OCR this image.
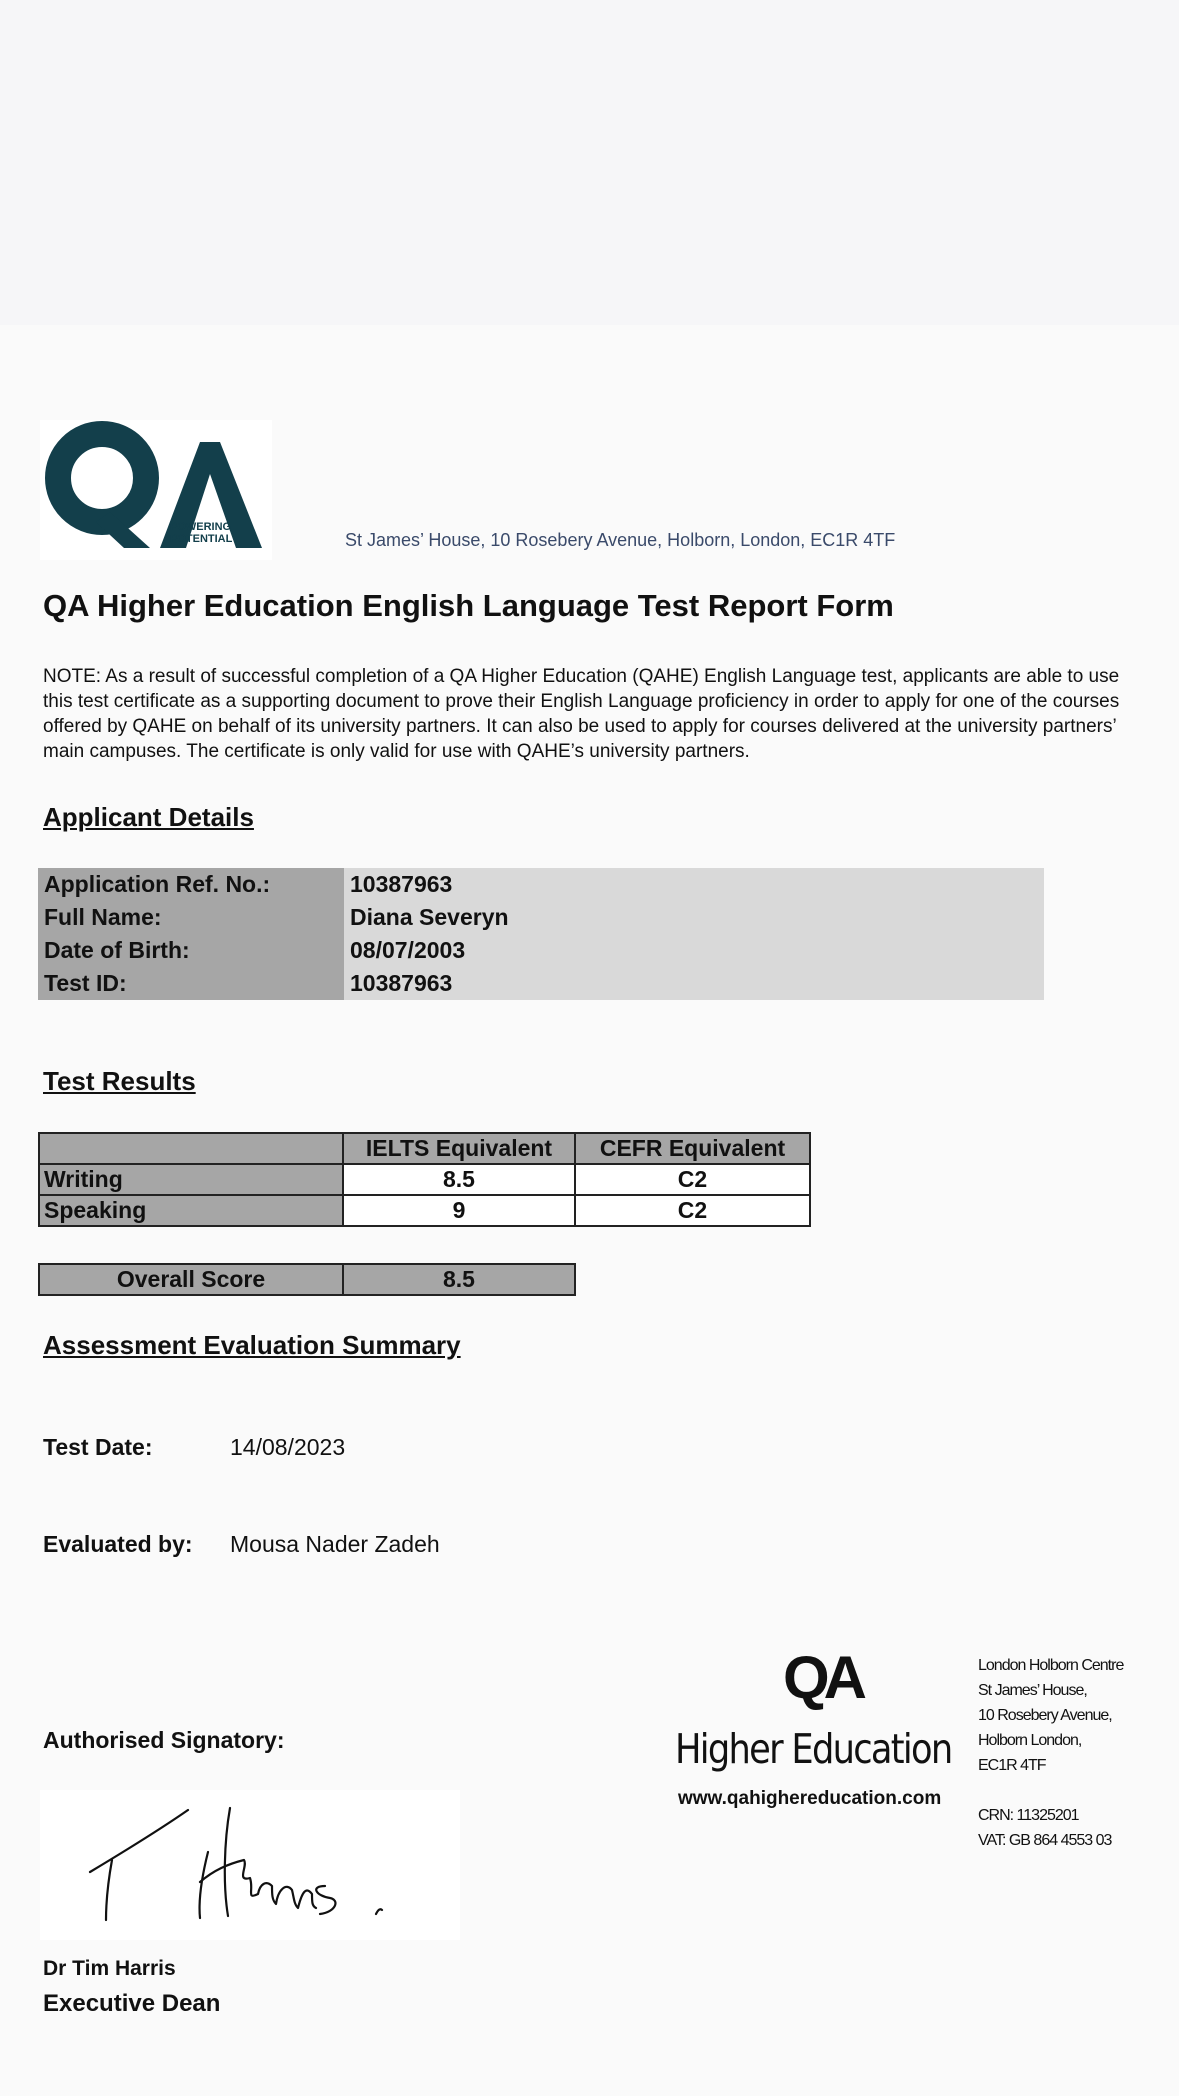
POWERING
POTENTIAL	St James’ House, 10 Rosebery Avenue, Holborn, London, EC1R 4TF
QA Higher Education English Language Test Report Form

NOTE: As a result of successful completion of a QA Higher Education (QAHE) English Language test, applicants are able to use this test certificate as a supporting document to prove their English Language proficiency in order to apply for one of the courses offered by QAHE on behalf of its university partners. It can also be used to apply for courses delivered at the university partners’ main campuses. The certificate is only valid for use with QAHE’s university partners.

Applicant Details
Application Ref. No.:	10387963
Full Name:	Diana Severyn
Date of Birth:	08/07/2003
Test ID:	10387963
Test Results
	IELTS Equivalent	CEFR Equivalent
Writing	8.5	C2
Speaking	9	C2
Overall Score	8.5
Assessment Evaluation Summary
Test Date:	14/08/2023
Evaluated by: Mousa Nader Zadeh
QA
Higher Education
www.qahighereducation.com
London Holborn Centre
St James’ House,
10 Rosebery Avenue,
Holborn London,
EC1R 4TF
CRN: 11325201
VAT: GB 864 4553 03
Authorised Signatory:
Dr Tim Harris
Executive Dean
